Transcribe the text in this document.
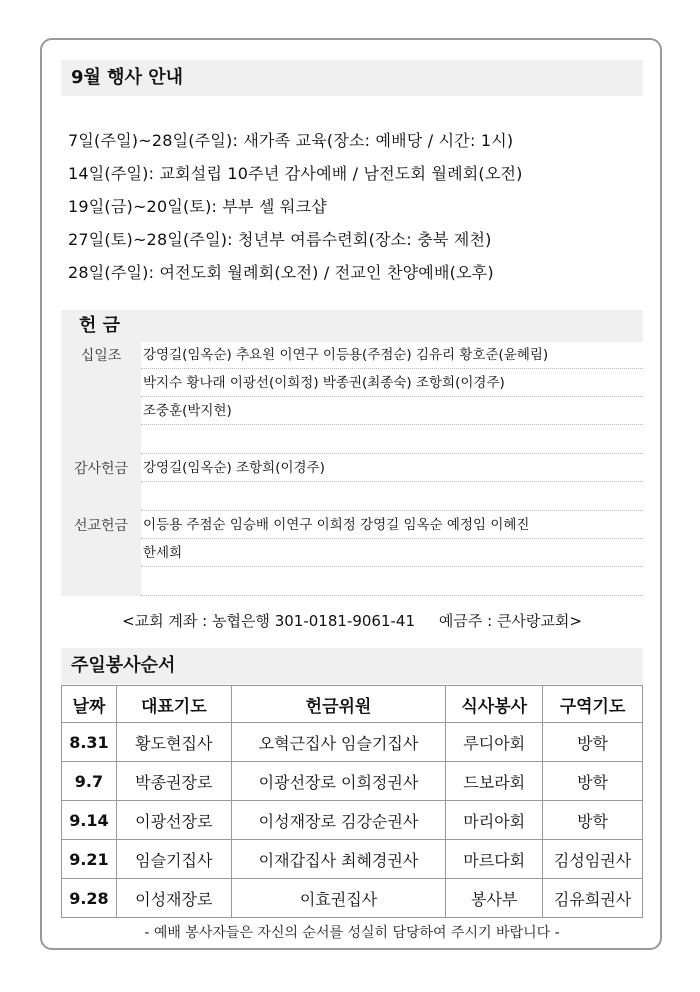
9월 행사 안내
7일(주일)~28일(주일): 새가족 교육(장소: 예배당 / 시간: 1시)
14일(주일): 교회설립 10주년 감사예배 / 남전도회 월례회(오전)
19일(금)~20일(토): 부부 셀 워크샵
27일(토)~28일(주일): 청년부 여름수련회(장소: 충북 제천)
28일(주일): 여전도회 월례회(오전) / 전교인 찬양예배(오후)
헌 금
십일조	강영길(임옥순) 추요원 이연구 이등용(주점순) 김유리 황호준(윤혜림)
박지수 황나래 이광선(이희정) 박종권(최종숙) 조항희(이경주)
조중훈(박지현)
감사헌금	강영길(임옥순) 조항희(이경주)
선교헌금	이등용 주점순 임승배 이연구 이희정 강영길 임옥순 예정임 이혜진
한세희
<교회 계좌 : 농협은행 301-0181-9061-41     예금주 : 큰사랑교회>
주일봉사순서
날짜	대표기도	헌금위원	식사봉사	구역기도
8.31	황도현집사	오혁근집사 임슬기집사	루디아회	방학
9.7	박종권장로	이광선장로 이희정권사	드보라회	방학
9.14	이광선장로	이성재장로 김강순권사	마리아회	방학
9.21	임슬기집사	이재갑집사 최혜경권사	마르다회	김성임권사
9.28	이성재장로	이효권집사	봉사부	김유희권사
- 예배 봉사자들은 자신의 순서를 성실히 담당하여 주시기 바랍니다 -
